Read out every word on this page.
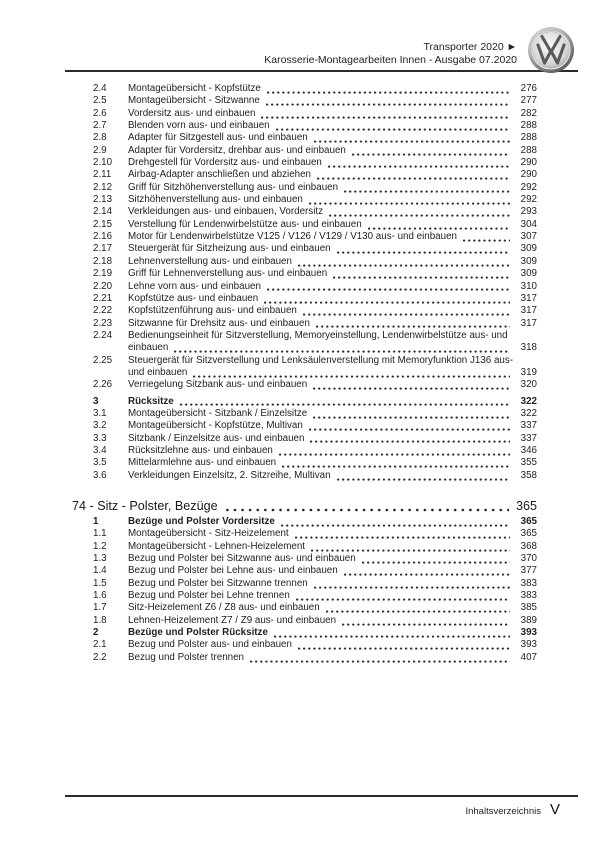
Transporter 2020 ►
Karosserie-Montagearbeiten Innen - Ausgabe 07.2020
2.4	Montageübersicht - Kopfstütze	276
2.5	Montageübersicht - Sitzwanne	277
2.6	Vordersitz aus- und einbauen	282
2.7	Blenden vorn aus- und einbauen	288
2.8	Adapter für Sitzgestell aus- und einbauen	288
2.9	Adapter für Vordersitz, drehbar aus- und einbauen	288
2.10	Drehgestell für Vordersitz aus- und einbauen	290
2.11	Airbag-Adapter anschließen und abziehen	290
2.12	Griff für Sitzhöhenverstellung aus- und einbauen	292
2.13	Sitzhöhenverstellung aus- und einbauen	292
2.14	Verkleidungen aus- und einbauen, Vordersitz	293
2.15	Verstellung für Lendenwirbelstütze aus- und einbauen	304
2.16	Motor für Lendenwirbelstütze V125 / V126 / V129 / V130 aus- und einbauen	307
2.17	Steuergerät für Sitzheizung aus- und einbauen	309
2.18	Lehnenverstellung aus- und einbauen	309
2.19	Griff für Lehnenverstellung aus- und einbauen	309
2.20	Lehne vorn aus- und einbauen	310
2.21	Kopfstütze aus- und einbauen	317
2.22	Kopfstützenführung aus- und einbauen	317
2.23	Sitzwanne für Drehsitz aus- und einbauen	317
2.24	Bedienungseinheit für Sitzverstellung, Memoryeinstellung, Lendenwirbelstütze aus- und
einbauen	318
2.25	Steuergerät für Sitzverstellung und Lenksäulenverstellung mit Memoryfunktion J136 aus-
und einbauen	319
2.26	Verriegelung Sitzbank aus- und einbauen	320
3	Rücksitze	322
3.1	Montageübersicht - Sitzbank / Einzelsitze	322
3.2	Montageübersicht - Kopfstütze, Multivan	337
3.3	Sitzbank / Einzelsitze aus- und einbauen	337
3.4	Rücksitzlehne aus- und einbauen	346
3.5	Mittelarmlehne aus- und einbauen	355
3.6	Verkleidungen Einzelsitz, 2. Sitzreihe, Multivan	358
74 - Sitz - Polster, Bezüge	365
1	Bezüge und Polster Vordersitze	365
1.1	Montageübersicht - Sitz-Heizelement	365
1.2	Montageübersicht - Lehnen-Heizelement	368
1.3	Bezug und Polster bei Sitzwanne aus- und einbauen	370
1.4	Bezug und Polster bei Lehne aus- und einbauen	377
1.5	Bezug und Polster bei Sitzwanne trennen	383
1.6	Bezug und Polster bei Lehne trennen	383
1.7	Sitz-Heizelement Z6 / Z8 aus- und einbauen	385
1.8	Lehnen-Heizelement Z7 / Z9 aus- und einbauen	389
2	Bezüge und Polster Rücksitze	393
2.1	Bezug und Polster aus- und einbauen	393
2.2	Bezug und Polster trennen	407
Inhaltsverzeichnis V
